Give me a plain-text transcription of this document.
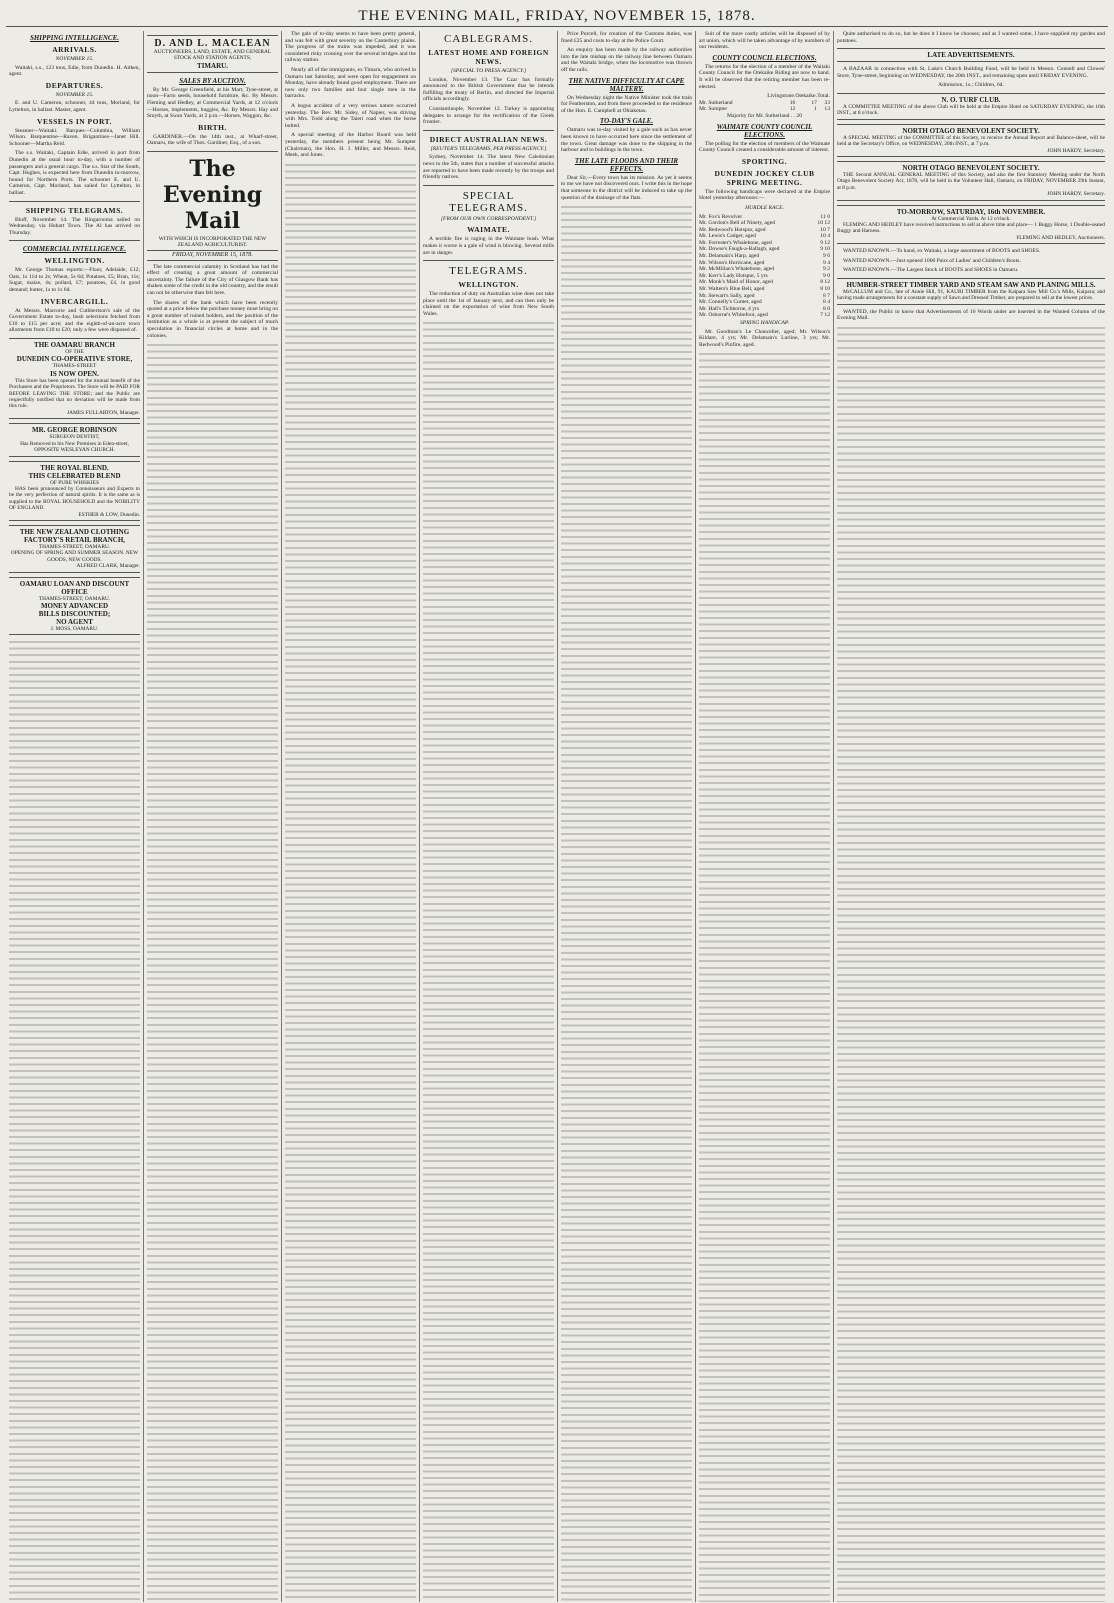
THE EVENING MAIL, FRIDAY, NOVEMBER 15, 1878.
SHIPPING INTELLIGENCE.
ARRIVALS.
NOVEMBER 15.
Waitaki, s.s., 123 tons, Edie, from Dunedin. H. Aitken, agent.
DEPARTURES.
NOVEMBER 15.
E. and U. Cameron, schooner, 44 tons, Morland, for Lyttelton, in ballast. Master, agent.
VESSELS IN PORT.
Steamer—Waitaki. Barques—Columbia, William Wilson. Barquentine—Raven. Brigantines—Janet Hill. Schooner—Martha Reid.
The s.s. Waitaki, Captain Edie, arrived in port from Dunedin at the usual hour to-day, with a number of passengers and a general cargo. The s.s. Star of the South, Capt. Hughes, is expected here from Dunedin to-morrow, bound for Northern Ports. The schooner E. and U. Cameron, Capt. Morland, has sailed for Lyttelton, in ballast.
SHIPPING TELEGRAMS.
Bluff, November 14. The Ringarooma sailed on Wednesday, via Hobart Town. The Al has arrived on Thursday.
COMMERCIAL INTELLIGENCE.
WELLINGTON.
Mr. George Thomas reports:—Flour, Adelaide, £12; Oats, 1s 11d to 2s; Wheat, 5s 6d; Potatoes, £5; Bran, 11s; Sugar, maize, 4s; pollard, £7; potatoes, £4, in good demand; butter, 1s to 1s 6d.
INVERCARGILL.
At Messrs. Macrorie and Cuthbertson's sale of the Government Estate to-day, bush selections fetched from £10 to £15 per acre; and the eighth-of-an-acre town allotments from £10 to £20; only a few were disposed of.
THE OAMARU BRANCH
OF THE
DUNEDIN CO-OPERATIVE STORE,
THAMES-STREET
IS NOW OPEN.
This Store has been opened for the mutual benefit of the Purchasers and the Proprietors. The Store will be PAID FOR BEFORE LEAVING THE STORE; and the Public are respectfully notified that no deviation will be made from this rule.
JAMES FULLARTON, Manager.
MR. GEORGE ROBINSON
SURGEON DENTIST,
Has Removed to his New Premises in Eden-street, OPPOSITE WESLEYAN CHURCH.
THE ROYAL BLEND.
THIS CELEBRATED BLEND
OF PURE WHISKIES
HAS been pronounced by Connoisseurs and Experts to be the very perfection of natural spirits. It is the same as is supplied to the ROYAL HOUSEHOLD and the NOBILITY OF ENGLAND.
ESTHER & LOW, Dunedin.
THE NEW ZEALAND CLOTHING
FACTORY'S RETAIL BRANCH,
THAMES-STREET, OAMARU.
OPENING OF SPRING AND SUMMER SEASON. NEW GOODS, NEW GOODS.
ALFRED CLARK, Manager.
OAMARU LOAN AND DISCOUNT OFFICE
THAMES-STREET, OAMARU.
MONEY ADVANCED
BILLS DISCOUNTED;
NO AGENT
J. MOSS, OAMARU.
D. AND L. MACLEAN
AUCTIONEERS, LAND, ESTATE, AND GENERAL STOCK AND STATION AGENTS,
TIMARU.
SALES BY AUCTION.
By Mr. George Greenfield, at his Mart, Tyne-street, at noon—Farm seeds, household furniture, &c. By Messrs. Fleming and Hedley, at Commercial Yards, at 12 o'clock—Horses, implements, buggies, &c. By Messrs. Hay and Smyth, at Swan Yards, at 2 p.m.—Horses, Waggon, &c.
BIRTH.
GARDINER.—On the 14th inst., at Wharf-street, Oamaru, the wife of Thos. Gardiner, Esq., of a son.
The Evening Mail
WITH WHICH IS INCORPORATED THE NEW ZEALAND AGRICULTURIST.
FRIDAY, NOVEMBER 15, 1878.
The late commercial calamity in Scotland has had the effect of creating a great amount of commercial uncertainty. The failure of the City of Glasgow Bank has shaken some of the credit in the old country, and the result can not be otherwise than felt here.
The shares of the bank which have been recently quoted at a price below the purchase money must bring on a great number of ruined holders, and the position of the institution as a whole is at present the subject of much speculation in financial circles at home and in the colonies.
The gale of to-day seems to have been pretty general, and was felt with great severity on the Canterbury plains. The progress of the trains was impeded, and it was considered risky crossing over the several bridges and the railway station.
Nearly all of the immigrants, ex Timaru, who arrived in Oamaru last Saturday, and were open for engagement on Monday, have already found good employment. There are now only two families and four single men in the barracks.
A bogus accident of a very serious nature occurred yesterday. The Rev. Mr. Sidey, of Napier, was driving with Mrs. Todd along the Taieri road when the horse bolted.
A special meeting of the Harbor Board was held yesterday, the members present being Mr. Sumpter (Chairman), the Hon. H. J. Miller, and Messrs. Reid, Meek, and Jones.
CABLEGRAMS.
LATEST HOME AND FOREIGN NEWS.
[SPECIAL TO PRESS AGENCY.]
London, November 13. The Czar has formally announced to the British Government that he intends fulfilling the treaty of Berlin, and directed the Imperial officials accordingly.
Constantinople, November 12. Turkey is appointing delegates to arrange for the rectification of the Greek frontier.
DIRECT AUSTRALIAN NEWS.
[REUTER'S TELEGRAMS, PER PRESS AGENCY.]
Sydney, November 14. The latest New Caledonian news to the 5th, states that a number of successful attacks are reported to have been made recently by the troops and friendly natives.
SPECIAL TELEGRAMS.
[FROM OUR OWN CORRESPONDENT.]
WAIMATE.
A terrible fire is raging in the Waimate bush. What makes it worse is a gale of wind is blowing. Several mills are in danger.
TELEGRAMS.
WELLINGTON.
The reduction of duty on Australian wine does not take place until the 1st of January next, and can then only be claimed on the exportation of wine from New South Wales.
Price Purcell, for creation of the Customs duties, was fined £25 and costs to-day at the Police Court.
An enquiry has been made by the railway authorities into the late mishap on the railway line between Oamaru and the Waitaki bridge, when the locomotive was thrown off the rails.
THE NATIVE DIFFICULTY AT CAPE MALTERY.
On Wednesday night the Native Minister took the train for Featherston, and from there proceeded to the residence of the Hon. E. Campbell at Ohiaketau.
TO-DAY'S GALE.
Oamaru was to-day visited by a gale such as has never been known to have occurred here since the settlement of the town. Great damage was done to the shipping in the harbour and to buildings in the town.
THE LATE FLOODS AND THEIR EFFECTS.
Dear Sir,—Every town has its mission. As yet it seems to me we have not discovered ours. I write this in the hope that someone in the district will be induced to take up the question of the drainage of the flats.
Suit of the more costly articles will be disposed of by art union, which will be taken advantage of by numbers of our residents.
COUNTY COUNCIL ELECTIONS.
The returns for the election of a member of the Waitaki County Council for the Otekaike Riding are now to hand. It will be observed that the retiring member has been re-elected.
	Livingstone.	Otekaike.	Total.
Mr. Sutherland	16	17	33
Mr. Sumpter	12	1	13
Majority for Mr. Sutherland . . 20
WAIMATE COUNTY COUNCIL ELECTIONS.
The polling for the election of members of the Waimate County Council created a considerable amount of interest.
SPORTING.
DUNEDIN JOCKEY CLUB SPRING MEETING.
The following handicaps were declared at the Empire Hotel yesterday afternoon:—
HURDLE RACE.
Mr. Fox's Revolver	11 0
Mr. Gordon's Bell of Ninety, aged	10 12
Mr. Redwood's Hotspur, aged	10 7
Mr. Lewis's Cadger, aged	10 4
Mr. Forrester's Whalebone, aged	9 12
Mr. Dowse's Faugh-a-Ballagh, aged	9 10
Mr. Delamain's Harp, aged	9 6
Mr. Wilson's Hurricane, aged	9 4
Mr. McMillan's Whalebone, aged	9 2
Mr. Kerr's Lady Hotspur, 5 yrs	9 0
Mr. Monk's Maid of Honor, aged	8 12
Mr. Walters's Blue Bell, aged	8 10
Mr. Stewart's Sally, aged	8 7
Mr. Connelly's Comet, aged	8 4
Mr. Hall's Tichborne, 4 yrs	8 0
Mr. Osborne's Whitefoot, aged	7 12
SPRING HANDICAP.
Mr. Goodman's Le Chancelier, aged; Mr. Wilson's Kildare, 4 yrs; Mr. Delamain's Lurline, 3 yrs; Mr. Redwood's Pinfire, aged.
Quite authorised to do so, but he does it I know he chooses; and as I wanted some, I have supplied my garden and potatoes.
LATE ADVERTISEMENTS.
A BAZAAR in connection with St. Luke's Church Building Fund, will be held in Messrs. Connell and Clowes' Store, Tyne-street, beginning on WEDNESDAY, the 20th INST., and remaining open until FRIDAY EVENING.
Admission, 1s.; Children, 6d.
N. O. TURF CLUB.
A COMMITTEE MEETING of the above Club will be held at the Empire Hotel on SATURDAY EVENING, the 16th INST., at 8 o'clock.
NORTH OTAGO BENEVOLENT SOCIETY.
A SPECIAL MEETING of the COMMITTEE of this Society, to receive the Annual Report and Balance-sheet, will be held at the Secretary's Office, on WEDNESDAY, 20th INST., at 7 p.m.
JOHN HARDY, Secretary.
NORTH OTAGO BENEVOLENT SOCIETY.
THE Second ANNUAL GENERAL MEETING of this Society, and also the first Statutory Meeting under the North Otago Benevolent Society Act, 1878, will be held in the Volunteer Hall, Oamaru, on FRIDAY, NOVEMBER 29th Instant, at 8 p.m.
JOHN HARDY, Secretary.
TO-MORROW, SATURDAY, 16th NOVEMBER.
At Commercial Yards. At 12 o'clock.
FLEMING AND HEDLEY have received instructions to sell at above time and place— 1 Buggy Horse, 1 Double-seated Buggy and Harness.
FLEMING AND HEDLEY, Auctioneers.
WANTED KNOWN.—To hand, ex Waitaki, a large assortment of BOOTS and SHOES.
WANTED KNOWN.—Just opened 1000 Pairs of Ladies' and Children's Boots.
WANTED KNOWN.—The Largest Stock of BOOTS and SHOES in Oamaru.
HUMBER-STREET TIMBER YARD AND STEAM SAW AND PLANING MILLS.
McCALLUM and Co., late of Annie Hill, 91, KAURI TIMBER from the Kaipara Saw Mill Co.'s Mills, Kaipara; and having made arrangements for a constant supply of Sawn and Dressed Timber, are prepared to sell at the lowest prices.
WANTED, the Public to know that Advertisements of 16 Words under are inserted in the Wanted Column of the Evening Mail.
